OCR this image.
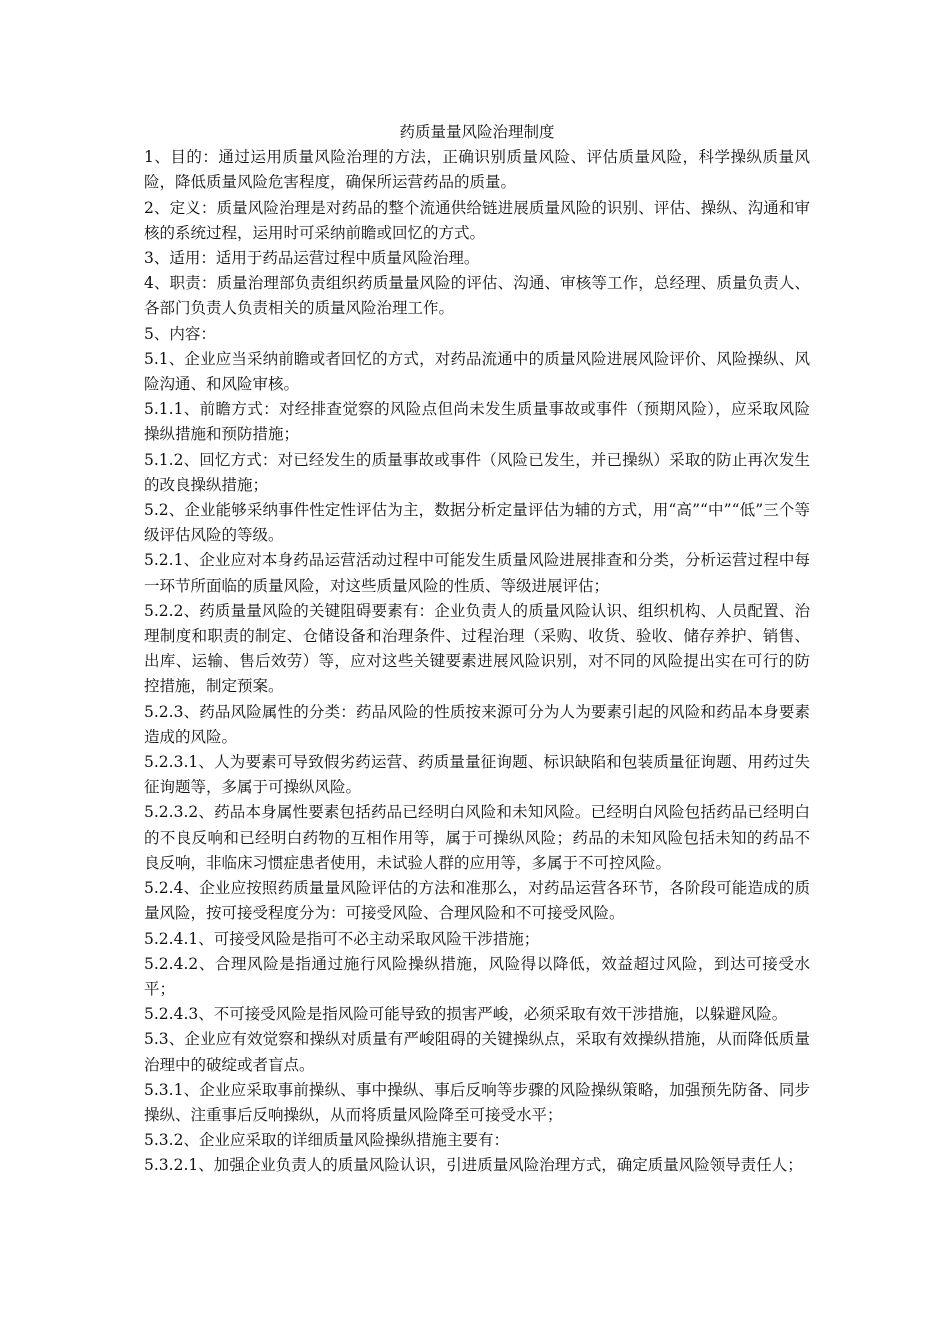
药质量量风险治理制度

1、目的：通过运用质量风险治理的方法，正确识别质量风险、评估质量风险，科学操纵质量风险，降低质量风险危害程度，确保所运营药品的质量。

2、定义：质量风险治理是对药品的整个流通供给链进展质量风险的识别、评估、操纵、沟通和审核的系统过程，运用时可采纳前瞻或回忆的方式。

3、适用：适用于药品运营过程中质量风险治理。

4、职责：质量治理部负责组织药质量量风险的评估、沟通、审核等工作，总经理、质量负责人、各部门负责人负责相关的质量风险治理工作。

5、内容：

5.1、企业应当采纳前瞻或者回忆的方式，对药品流通中的质量风险进展风险评价、风险操纵、风险沟通、和风险审核。

5.1.1、前瞻方式：对经排查觉察的风险点但尚未发生质量事故或事件（预期风险），应采取风险操纵措施和预防措施；

5.1.2、回忆方式：对已经发生的质量事故或事件（风险已发生，并已操纵）采取的防止再次发生的改良操纵措施；

5.2、企业能够采纳事件性定性评估为主，数据分析定量评估为辅的方式，用“高”“中”“低”三个等级评估风险的等级。

5.2.1、企业应对本身药品运营活动过程中可能发生质量风险进展排查和分类，分析运营过程中每一环节所面临的质量风险，对这些质量风险的性质、等级进展评估；

5.2.2、药质量量风险的关键阻碍要素有：企业负责人的质量风险认识、组织机构、人员配置、治理制度和职责的制定、仓储设备和治理条件、过程治理（采购、收货、验收、储存养护、销售、出库、运输、售后效劳）等，应对这些关键要素进展风险识别，对不同的风险提出实在可行的防控措施，制定预案。

5.2.3、药品风险属性的分类：药品风险的性质按来源可分为人为要素引起的风险和药品本身要素造成的风险。

5.2.3.1、人为要素可导致假劣药运营、药质量量征询题、标识缺陷和包装质量征询题、用药过失征询题等，多属于可操纵风险。

5.2.3.2、药品本身属性要素包括药品已经明白风险和未知风险。已经明白风险包括药品已经明白的不良反响和已经明白药物的互相作用等，属于可操纵风险；药品的未知风险包括未知的药品不良反响，非临床习惯症患者使用，未试验人群的应用等，多属于不可控风险。

5.2.4、企业应按照药质量量风险评估的方法和准那么，对药品运营各环节，各阶段可能造成的质量风险，按可接受程度分为：可接受风险、合理风险和不可接受风险。

5.2.4.1、可接受风险是指可不必主动采取风险干涉措施；

5.2.4.2、合理风险是指通过施行风险操纵措施，风险得以降低，效益超过风险，到达可接受水平；

5.2.4.3、不可接受风险是指风险可能导致的损害严峻，必须采取有效干涉措施，以躲避风险。

5.3、企业应有效觉察和操纵对质量有严峻阻碍的关键操纵点，采取有效操纵措施，从而降低质量治理中的破绽或者盲点。

5.3.1、企业应采取事前操纵、事中操纵、事后反响等步骤的风险操纵策略，加强预先防备、同步操纵、注重事后反响操纵，从而将质量风险降至可接受水平；

5.3.2、企业应采取的详细质量风险操纵措施主要有：

5.3.2.1、加强企业负责人的质量风险认识，引进质量风险治理方式，确定质量风险领导责任人；
